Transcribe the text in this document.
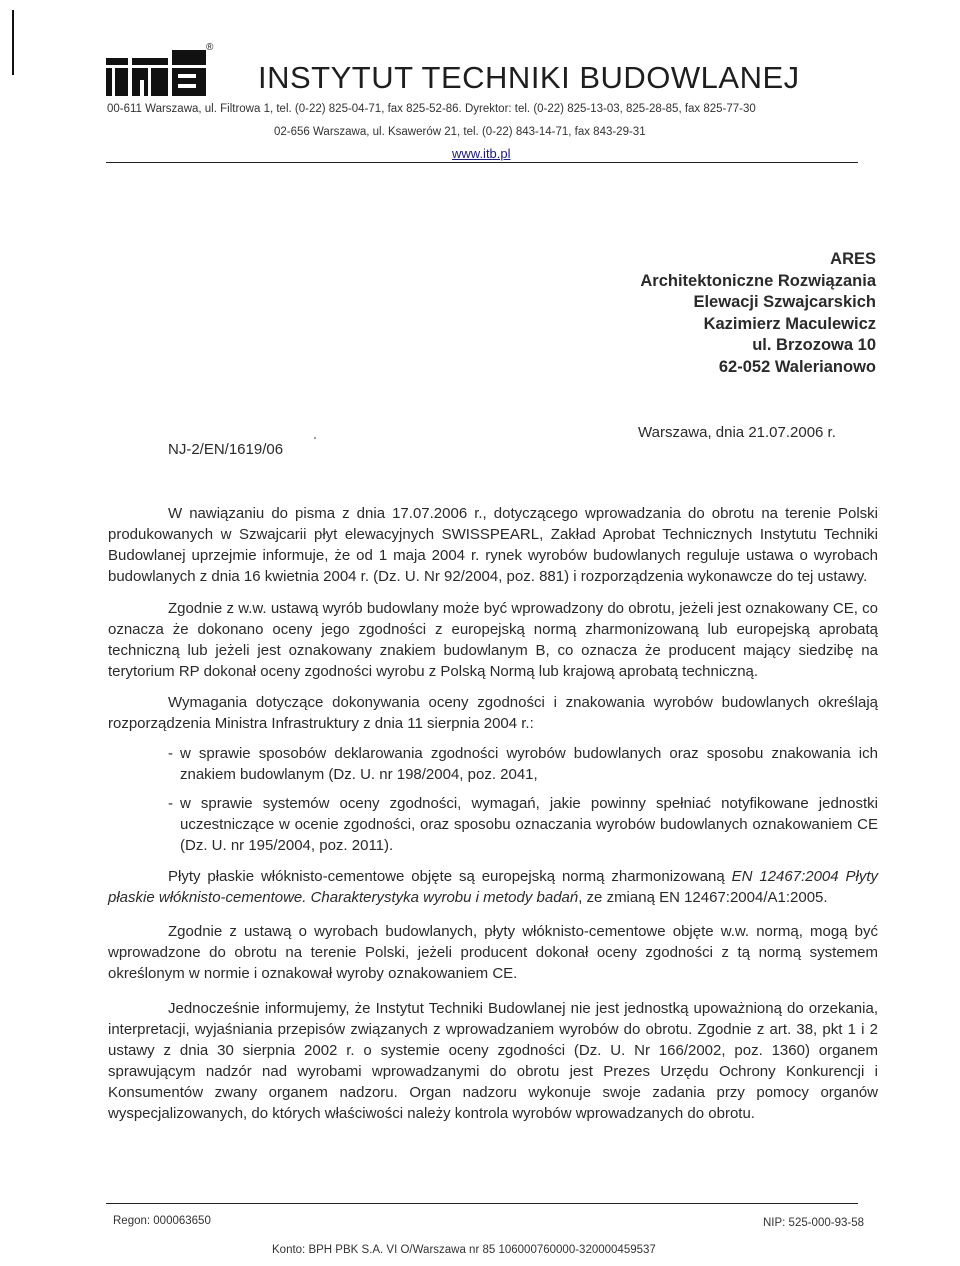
®
INSTYTUT TECHNIKI BUDOWLANEJ
00-611 Warszawa, ul. Filtrowa 1, tel. (0-22) 825-04-71, fax 825-52-86. Dyrektor: tel. (0-22) 825-13-03, 825-28-85, fax 825-77-30
02-656 Warszawa, ul. Ksawerów 21, tel. (0-22) 843-14-71, fax 843-29-31
www.itb.pl
ARES
Architektoniczne Rozwiązania
Elewacji Szwajcarskich
Kazimierz Maculewicz
ul. Brzozowa 10
62-052 Walerianowo
Warszawa, dnia 21.07.2006 r.
NJ-2/EN/1619/06

W nawiązaniu do pisma z dnia 17.07.2006 r., dotyczącego wprowadzania do obrotu na terenie Polski produkowanych w Szwajcarii płyt elewacyjnych SWISSPEARL, Zakład Aprobat Technicznych Instytutu Techniki Budowlanej uprzejmie informuje, że od 1 maja 2004 r. rynek wyrobów budowlanych reguluje ustawa o wyrobach budowlanych z dnia 16 kwietnia 2004 r. (Dz. U. Nr 92/2004, poz. 881) i rozporządzenia wykonawcze do tej ustawy.

Zgodnie z w.w. ustawą wyrób budowlany może być wprowadzony do obrotu, jeżeli jest oznakowany CE, co oznacza że dokonano oceny jego zgodności z europejską normą zharmonizowaną lub europejską aprobatą techniczną lub jeżeli jest oznakowany znakiem budowlanym B, co oznacza że producent mający siedzibę na terytorium RP dokonał oceny zgodności wyrobu z Polską Normą lub krajową aprobatą techniczną.

Wymagania dotyczące dokonywania oceny zgodności i znakowania wyrobów budowlanych określają rozporządzenia Ministra Infrastruktury z dnia 11 sierpnia 2004 r.:

- w sprawie sposobów deklarowania zgodności wyrobów budowlanych oraz sposobu znakowania ich znakiem budowlanym (Dz. U. nr 198/2004, poz. 2041,

- w sprawie systemów oceny zgodności, wymagań, jakie powinny spełniać notyfikowane jednostki uczestniczące w ocenie zgodności, oraz sposobu oznaczania wyrobów budowlanych oznakowaniem CE (Dz. U. nr 195/2004, poz. 2011).

Płyty płaskie włóknisto-cementowe objęte są europejską normą zharmonizowaną EN 12467:2004 Płyty płaskie włóknisto-cementowe. Charakterystyka wyrobu i metody badań, ze zmianą EN 12467:2004/A1:2005.

Zgodnie z ustawą o wyrobach budowlanych, płyty włóknisto-cementowe objęte w.w. normą, mogą być wprowadzone do obrotu na terenie Polski, jeżeli producent dokonał oceny zgodności z tą normą systemem określonym w normie i oznakował wyroby oznakowaniem CE.

Jednocześnie informujemy, że Instytut Techniki Budowlanej nie jest jednostką upoważnioną do orzekania, interpretacji, wyjaśniania przepisów związanych z wprowadzaniem wyrobów do obrotu. Zgodnie z art. 38, pkt 1 i 2 ustawy z dnia 30 sierpnia 2002 r. o systemie oceny zgodności (Dz. U. Nr 166/2002, poz. 1360) organem sprawującym nadzór nad wyrobami wprowadzanymi do obrotu jest Prezes Urzędu Ochrony Konkurencji i Konsumentów zwany organem nadzoru. Organ nadzoru wykonuje swoje zadania przy pomocy organów wyspecjalizowanych, do których właściwości należy kontrola wyrobów wprowadzanych do obrotu.

Regon: 000063650	NIP: 525-000-93-58
Konto: BPH PBK S.A. VI O/Warszawa nr 85 106000760000-320000459537
